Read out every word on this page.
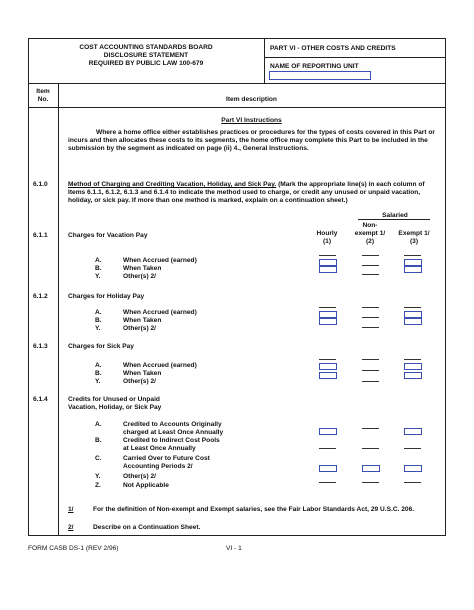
COST ACCOUNTING STANDARDS BOARD
DISCLOSURE STATEMENT
REQUIRED BY PUBLIC LAW 100-679
PART VI - OTHER COSTS AND CREDITS
NAME OF REPORTING UNIT
Item
No.	Item description
Part VI Instructions
Where a home office either establishes practices or procedures for the types of costs covered in this Part or incurs and then allocates these costs to its segments, the home office may complete this Part to be included in the submission by the segment as indicated on page (ii) 4., General Instructions.
6.1.0	Method of Charging and Crediting Vacation, Holiday, and Sick Pay. (Mark the appropriate line(s) in each column of Items 6.1.1, 6.1.2, 6.1.3 and 6.1.4 to indicate the method used to charge, or credit any unused or unpaid vacation, holiday, or sick pay. If more than one method is marked, explain on a continuation sheet.)
Salaried
Non-
Hourly	exempt 1/	Exempt 1/
(1)	(2)	(3)
6.1.1	Charges for Vacation Pay
A.	When Accrued (earned)
B.	When Taken
Y.	Other(s) 2/
6.1.2	Charges for Holiday Pay
A.	When Accrued (earned)
B.	When Taken
Y.	Other(s) 2/
6.1.3	Charges for Sick Pay
A.	When Accrued (earned)
B.	When Taken
Y.	Other(s) 2/
6.1.4	Credits for Unused or Unpaid
Vacation, Holiday, or Sick Pay
A.	Credited to Accounts Originally
charged at Least Once Annually
B.	Credited to Indirect Cost Pools
at Least Once Annually
C.	Carried Over to Future Cost
Accounting Periods 2/
Y.	Other(s) 2/
Z.	Not Applicable
1/	For the definition of Non-exempt and Exempt salaries, see the Fair Labor Standards Act, 29 U.S.C. 206.
2/	Describe on a Continuation Sheet.
FORM CASB DS-1 (REV 2/96)	VI - 1
